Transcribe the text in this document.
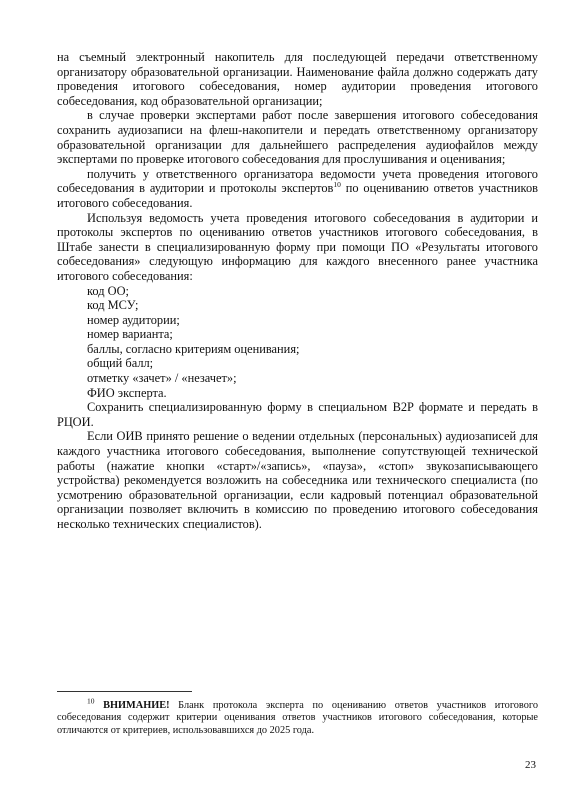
на съемный электронный накопитель для последующей передачи ответственному организатору образовательной организации. Наименование файла должно содержать дату проведения итогового собеседования, номер аудитории проведения итогового собеседования, код образовательной организации;

в случае проверки экспертами работ после завершения итогового собеседования сохранить аудиозаписи на флеш-накопители и передать ответственному организатору образовательной организации для дальнейшего распределения аудиофайлов между экспертами по проверке итогового собеседования для прослушивания и оценивания;

получить у ответственного организатора ведомости учета проведения итогового собеседования в аудитории и протоколы экспертов$^{10}$ по оцениванию ответов участников итогового собеседования.

Используя ведомость учета проведения итогового собеседования в аудитории и протоколы экспертов по оцениванию ответов участников итогового собеседования, в Штабе занести в специализированную форму при помощи ПО «Результаты итогового собеседования» следующую информацию для каждого внесенного ранее участника итогового собеседования:

код ОО;

код МСУ;

номер аудитории;

номер варианта;

баллы, согласно критериям оценивания;

общий балл;

отметку «зачет» / «незачет»;

ФИО эксперта.

Сохранить специализированную форму в специальном B2P формате и передать в РЦОИ.

Если ОИВ принято решение о ведении отдельных (персональных) аудиозаписей для каждого участника итогового собеседования, выполнение сопутствующей технической работы (нажатие кнопки «старт»/«запись», «пауза», «стоп» звукозаписывающего устройства) рекомендуется возложить на собеседника или технического специалиста (по усмотрению образовательной организации, если кадровый потенциал образовательной организации позволяет включить в комиссию по проведению итогового собеседования несколько технических специалистов).

$^{10}$ ВНИМАНИЕ! Бланк протокола эксперта по оцениванию ответов участников итогового собеседования содержит критерии оценивания ответов участников итогового собеседования, которые отличаются от критериев, использовавшихся до 2025 года.

23
